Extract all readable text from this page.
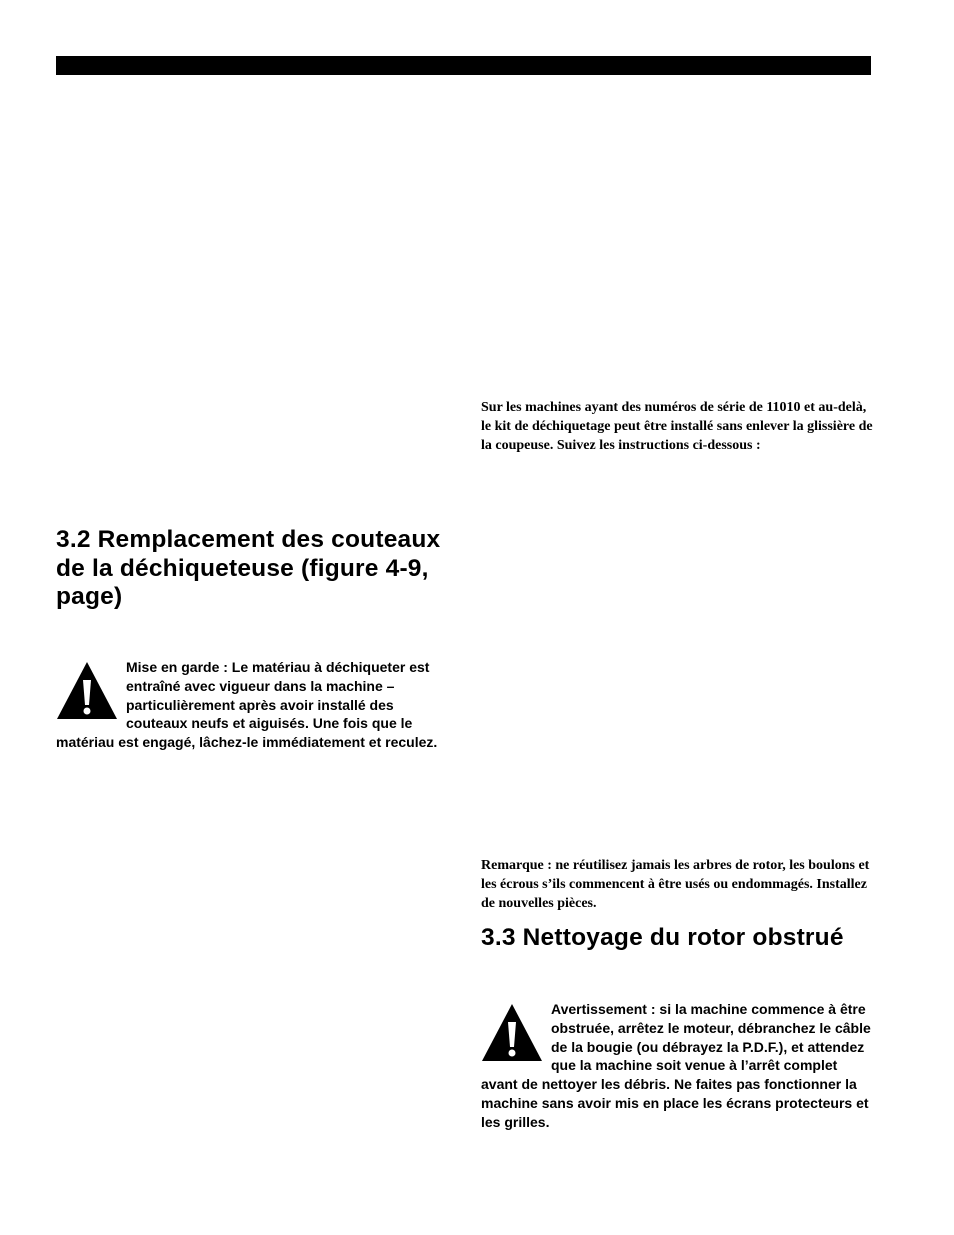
Sur les machines ayant des numéros de série de 11010 et au-delà, le kit de déchiquetage peut être installé sans enlever la glissière de la coupeuse. Suivez les instructions ci-dessous :

3.2 Remplacement des couteaux de la déchiqueteuse (figure 4-9, page)
Mise en garde : Le matériau à déchiqueter est entraîné avec vigueur dans la machine – particulièrement après avoir installé des couteaux neufs et aiguisés. Une fois que le matériau est engagé, lâchez-le immédiatement et reculez.

Remarque : ne réutilisez jamais les arbres de rotor, les boulons et les écrous s’ils commencent à être usés ou endommagés. Installez de nouvelles pièces.

3.3 Nettoyage du rotor obstrué
Avertissement : si la machine commence à être obstruée, arrêtez le moteur, débranchez le câble de la bougie (ou débrayez la P.D.F.), et attendez que la machine soit venue à l’arrêt complet avant de nettoyer les débris. Ne faites pas fonctionner la machine sans avoir mis en place les écrans protecteurs et les grilles.
